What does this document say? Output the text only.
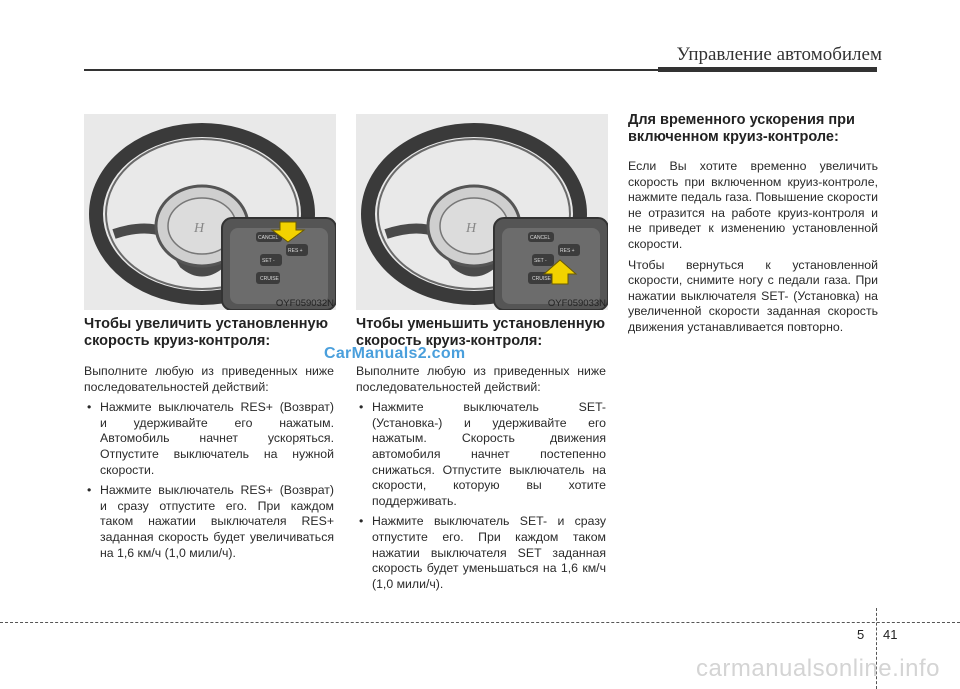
Управление автомобилем
H
CANCEL
RES +
SET -
CRUISE
OYF059032N
H
CANCEL
RES +
SET -
CRUISE
OYF059033N
Чтобы увеличить установленную скорость круиз-контроля:

Выполните любую из приведенных ниже последовательностей действий:

• Нажмите выключатель RES+ (Возврат) и удерживайте его нажатым. Автомобиль начнет ускоряться. Отпустите выключатель на нужной скорости.
• Нажмите выключатель RES+ (Возврат) и сразу отпустите его. При каждом таком нажатии выключателя RES+ заданная скорость будет увеличиваться на 1,6 км/ч (1,0 мили/ч).
Чтобы уменьшить установленную скорость круиз-контроля:

Выполните любую из приведенных ниже последовательностей действий:

• Нажмите выключатель SET- (Установка-) и удерживайте его нажатым. Скорость движения автомобиля начнет постепенно снижаться. Отпустите выключатель на скорости, которую вы хотите поддерживать.
• Нажмите выключатель SET- и сразу отпустите его. При каждом таком нажатии выключателя SET заданная скорость будет уменьшаться на 1,6 км/ч (1,0 мили/ч).
Для временного ускорения при включенном круиз-контроле:

Если Вы хотите временно увеличить скорость при включенном круиз-контроле, нажмите педаль газа. Повышение скорости не отразится на работе круиз-контроля и не приведет к изменению установленной скорости.

Чтобы вернуться к установленной скорости, снимите ногу с педали газа. При нажатии выключателя SET- (Установка) на увеличенной скорости заданная скорость движения устанавливается повторно.

CarManuals2.com
5 41
carmanualsonline.info
